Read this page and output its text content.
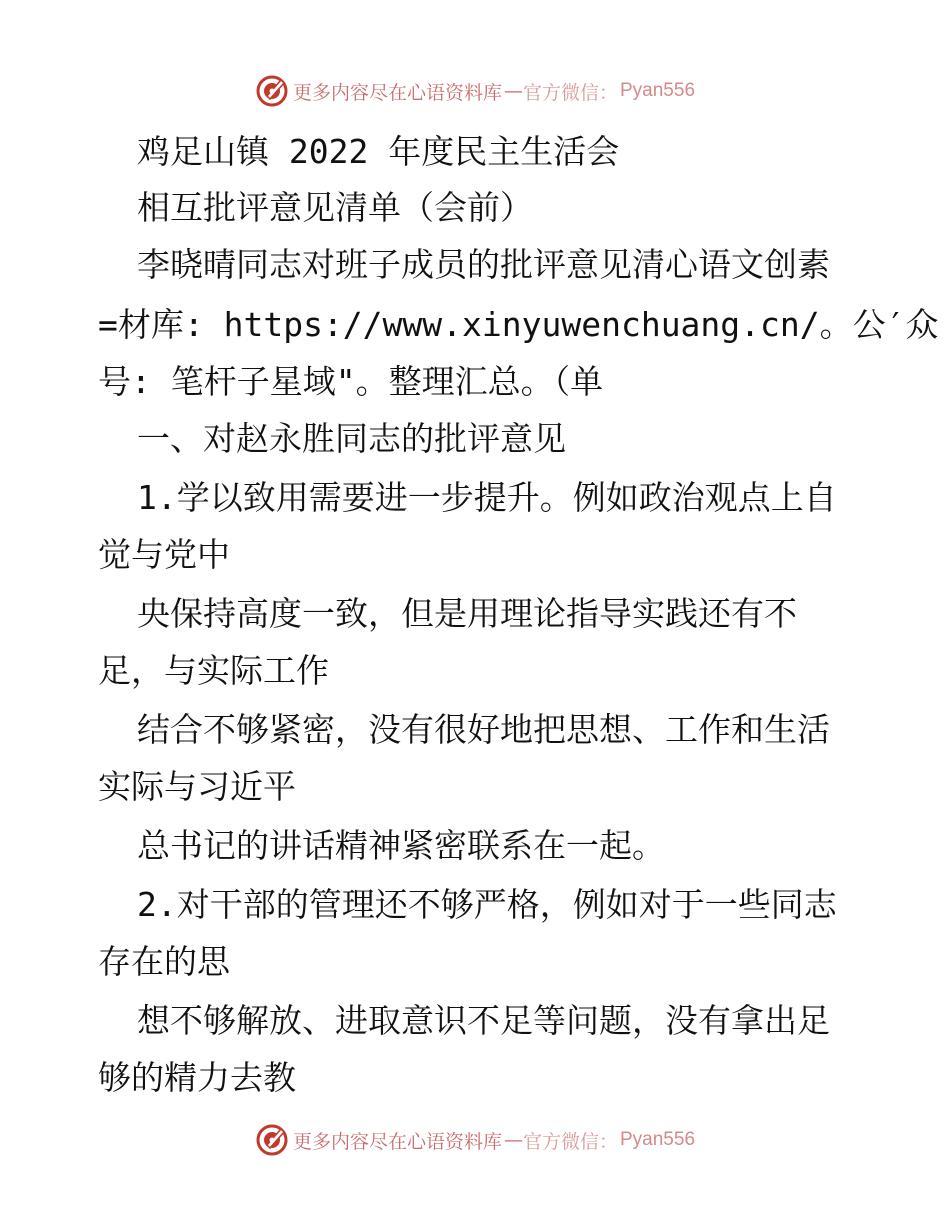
更多内容尽在心语资料库 — 官方微信： Pyan556
鸡足山镇 2022 年度民主生活会
相互批评意见清单（会前）
李晓晴同志对班子成员的批评意见清心语文创素
=材库: https://www.xinyuwenchuang.cn/。公′众
号: 笔杆子星域"。整理汇总。（单
一、对赵永胜同志的批评意见
1.学以致用需要进一步提升。例如政治观点上自
觉与党中
央保持高度一致，但是用理论指导实践还有不
足，与实际工作
结合不够紧密，没有很好地把思想、工作和生活
实际与习近平
总书记的讲话精神紧密联系在一起。
2.对干部的管理还不够严格，例如对于一些同志
存在的思
想不够解放、进取意识不足等问题，没有拿出足
够的精力去教
更多内容尽在心语资料库 — 官方微信： Pyan556
